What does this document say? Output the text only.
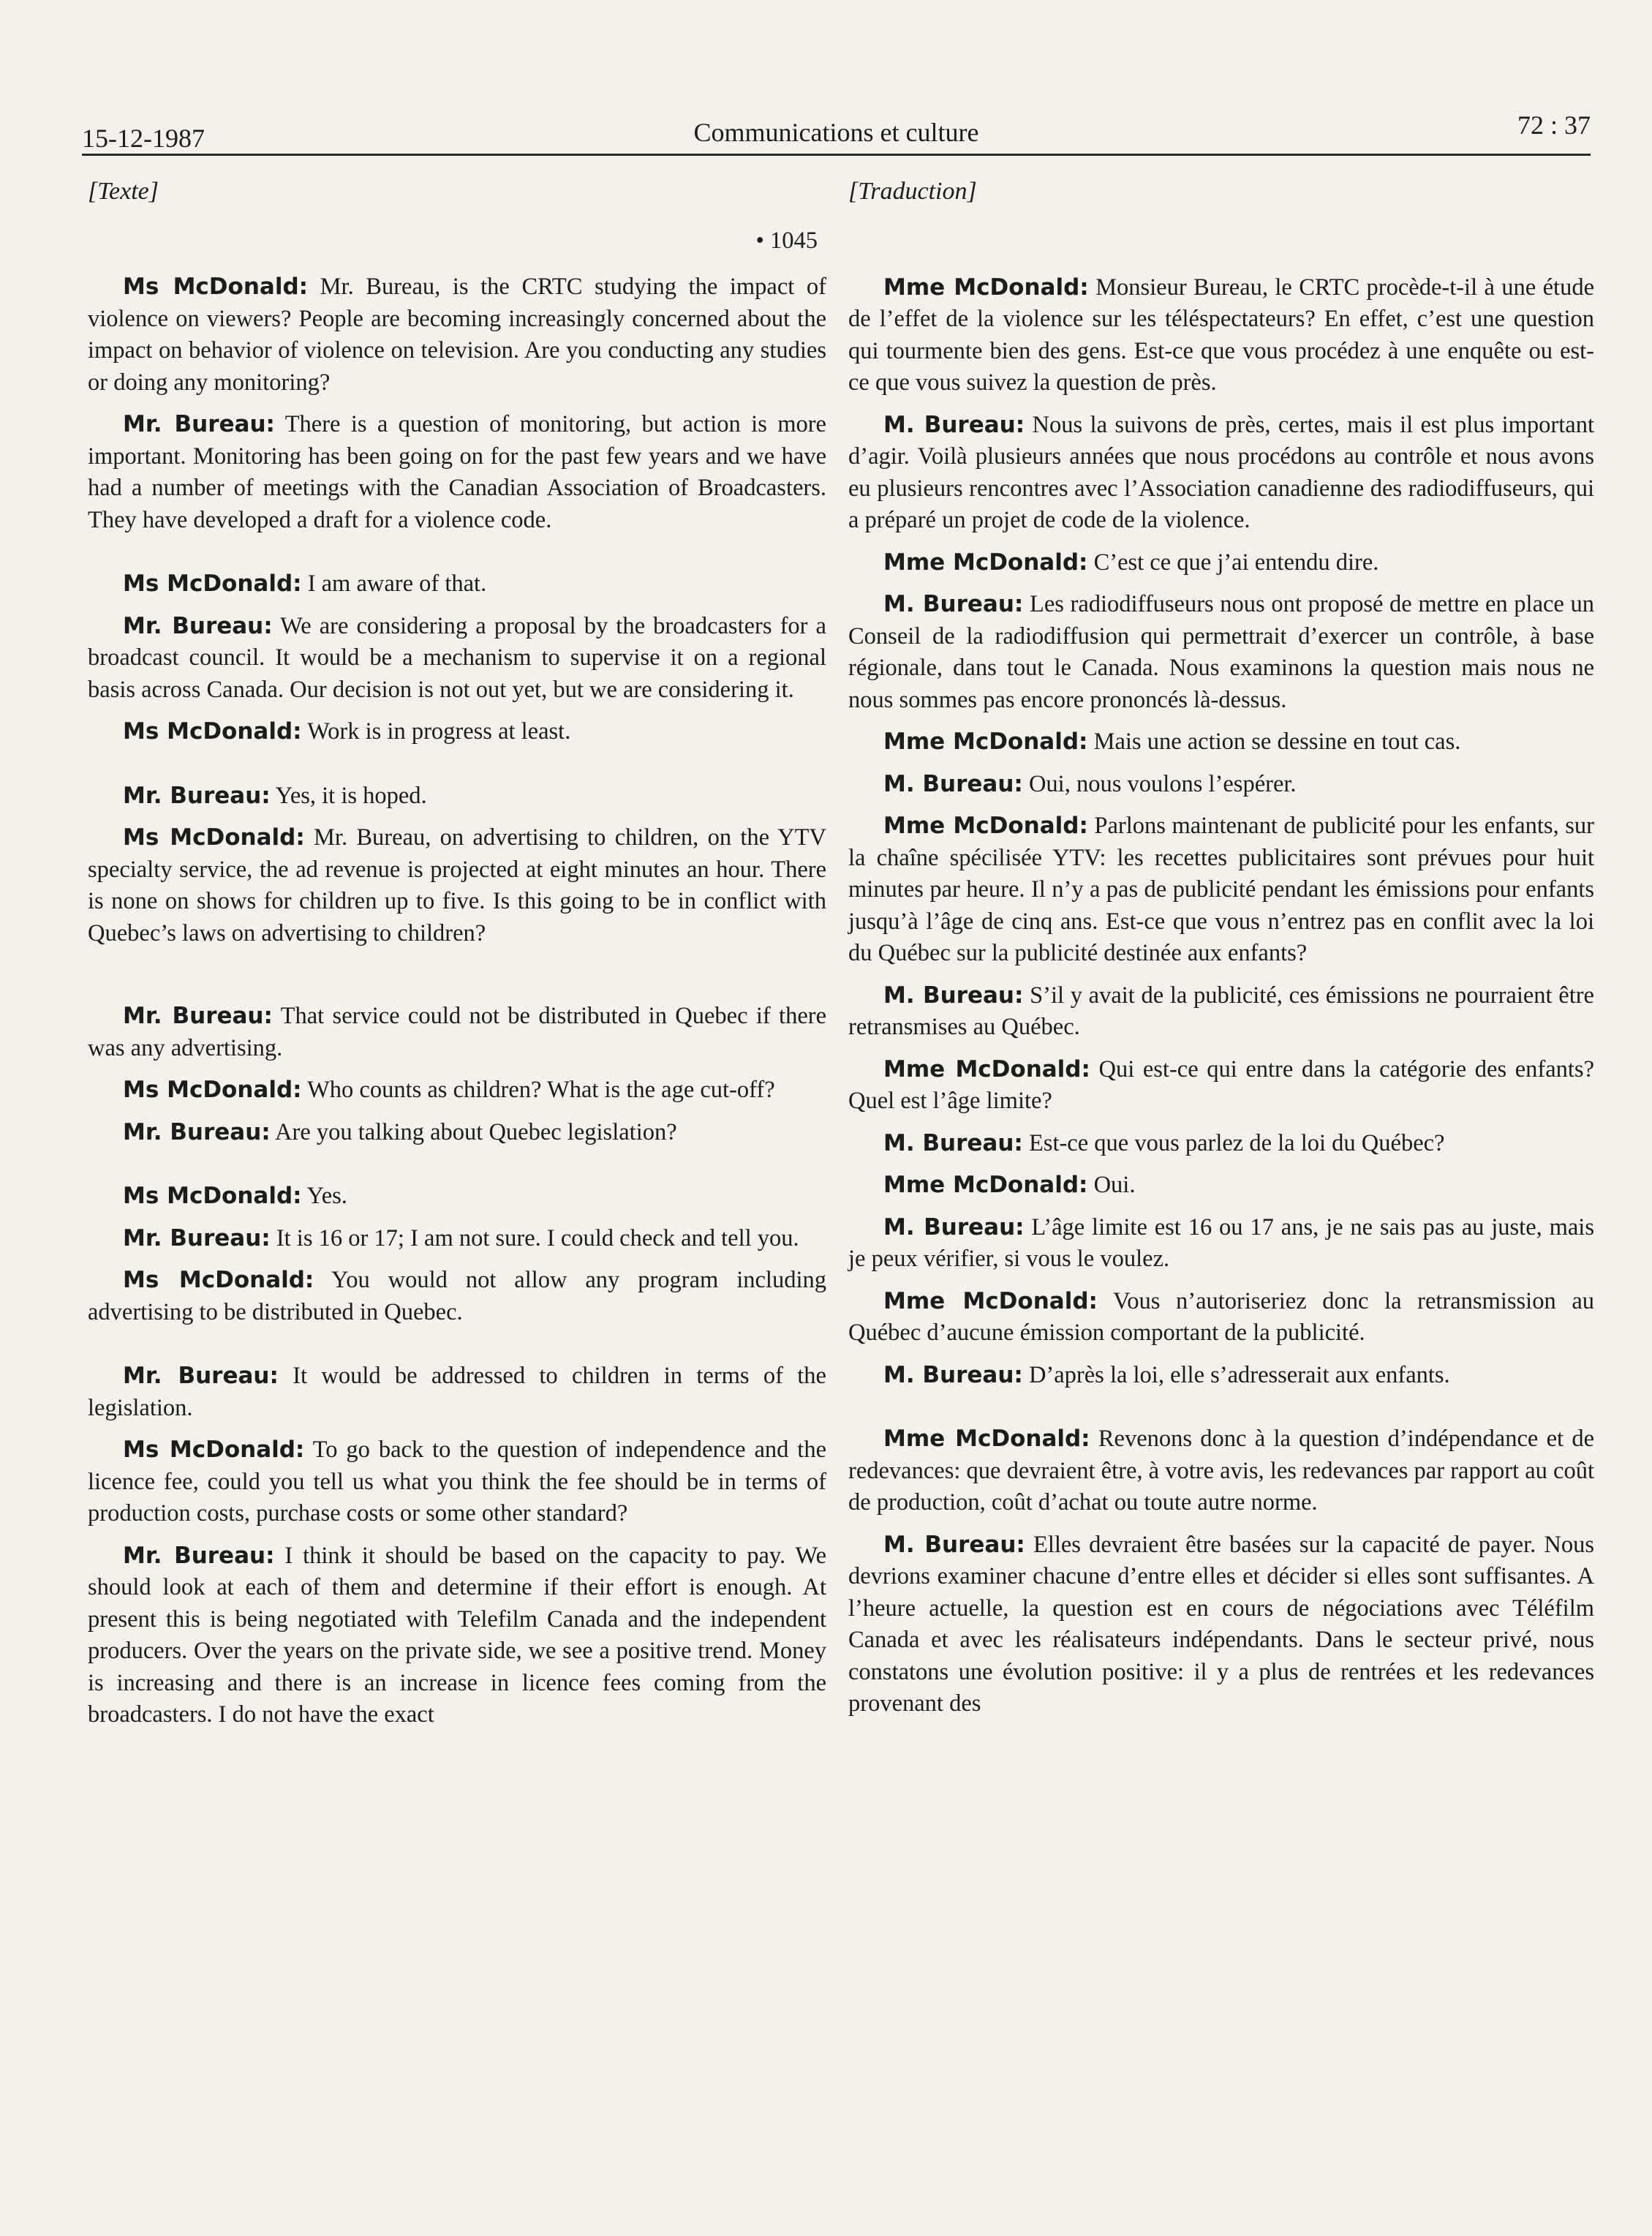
15-12-1987	Communications et culture	72 : 37
[Texte]
• 1045

Ms McDonald: Mr. Bureau, is the CRTC studying the impact of violence on viewers? People are becoming increasingly concerned about the impact on behavior of violence on television. Are you conducting any studies or doing any monitoring?

Mr. Bureau: There is a question of monitoring, but action is more important. Monitoring has been going on for the past few years and we have had a number of meetings with the Canadian Association of Broadcasters. They have developed a draft for a violence code.

Ms McDonald: I am aware of that.

Mr. Bureau: We are considering a proposal by the broadcasters for a broadcast council. It would be a mechanism to supervise it on a regional basis across Canada. Our decision is not out yet, but we are considering it.

Ms McDonald: Work is in progress at least.

Mr. Bureau: Yes, it is hoped.

Ms McDonald: Mr. Bureau, on advertising to children, on the YTV specialty service, the ad revenue is projected at eight minutes an hour. There is none on shows for children up to five. Is this going to be in conflict with Quebec’s laws on advertising to children?

Mr. Bureau: That service could not be distributed in Quebec if there was any advertising.

Ms McDonald: Who counts as children? What is the age cut-off?

Mr. Bureau: Are you talking about Quebec legislation?

Ms McDonald: Yes.

Mr. Bureau: It is 16 or 17; I am not sure. I could check and tell you.

Ms McDonald: You would not allow any program including advertising to be distributed in Quebec.

Mr. Bureau: It would be addressed to children in terms of the legislation.

Ms McDonald: To go back to the question of independence and the licence fee, could you tell us what you think the fee should be in terms of production costs, purchase costs or some other standard?

Mr. Bureau: I think it should be based on the capacity to pay. We should look at each of them and determine if their effort is enough. At present this is being negotiated with Telefilm Canada and the independent producers. Over the years on the private side, we see a positive trend. Money is increasing and there is an increase in licence fees coming from the broadcasters. I do not have the exact

[Traduction]

Mme McDonald: Monsieur Bureau, le CRTC procède-t-il à une étude de l’effet de la violence sur les téléspectateurs? En effet, c’est une question qui tourmente bien des gens. Est-ce que vous procédez à une enquête ou est-ce que vous suivez la question de près.

M. Bureau: Nous la suivons de près, certes, mais il est plus important d’agir. Voilà plusieurs années que nous procédons au contrôle et nous avons eu plusieurs rencontres avec l’Association canadienne des radiodiffuseurs, qui a préparé un projet de code de la violence.

Mme McDonald: C’est ce que j’ai entendu dire.

M. Bureau: Les radiodiffuseurs nous ont proposé de mettre en place un Conseil de la radiodiffusion qui permettrait d’exercer un contrôle, à base régionale, dans tout le Canada. Nous examinons la question mais nous ne nous sommes pas encore prononcés là-dessus.

Mme McDonald: Mais une action se dessine en tout cas.

M. Bureau: Oui, nous voulons l’espérer.

Mme McDonald: Parlons maintenant de publicité pour les enfants, sur la chaîne spécilisée YTV: les recettes publicitaires sont prévues pour huit minutes par heure. Il n’y a pas de publicité pendant les émissions pour enfants jusqu’à l’âge de cinq ans. Est-ce que vous n’entrez pas en conflit avec la loi du Québec sur la publicité destinée aux enfants?

M. Bureau: S’il y avait de la publicité, ces émissions ne pourraient être retransmises au Québec.

Mme McDonald: Qui est-ce qui entre dans la catégorie des enfants? Quel est l’âge limite?

M. Bureau: Est-ce que vous parlez de la loi du Québec?

Mme McDonald: Oui.

M. Bureau: L’âge limite est 16 ou 17 ans, je ne sais pas au juste, mais je peux vérifier, si vous le voulez.

Mme McDonald: Vous n’autoriseriez donc la retransmission au Québec d’aucune émission comportant de la publicité.

M. Bureau: D’après la loi, elle s’adresserait aux enfants.

Mme McDonald: Revenons donc à la question d’indépendance et de redevances: que devraient être, à votre avis, les redevances par rapport au coût de production, coût d’achat ou toute autre norme.

M. Bureau: Elles devraient être basées sur la capacité de payer. Nous devrions examiner chacune d’entre elles et décider si elles sont suffisantes. A l’heure actuelle, la question est en cours de négociations avec Téléfilm Canada et avec les réalisateurs indépendants. Dans le secteur privé, nous constatons une évolution positive: il y a plus de rentrées et les redevances provenant des
